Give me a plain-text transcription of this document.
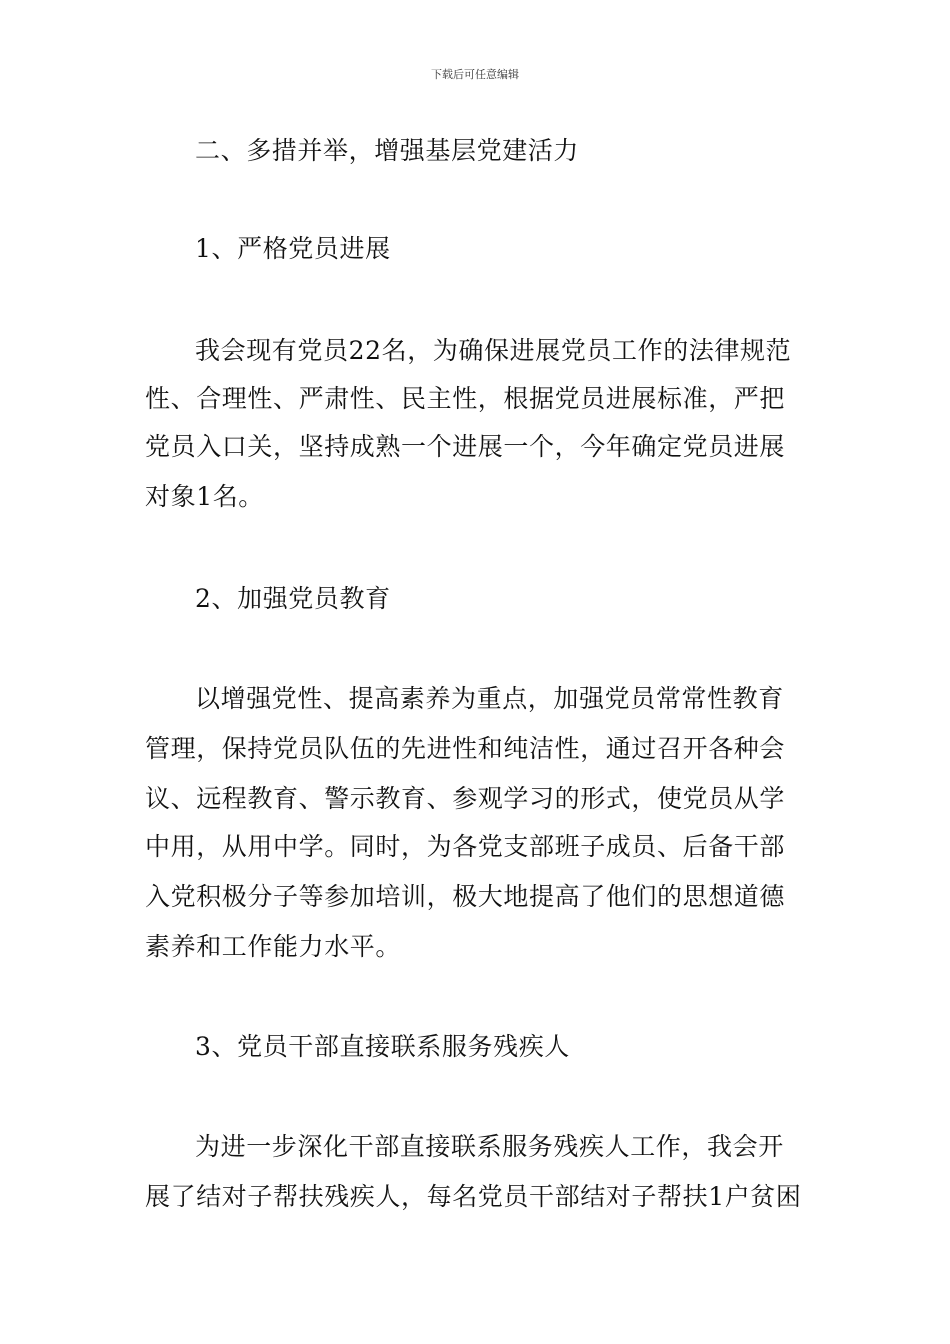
下载后可任意编辑
二、多措并举，增强基层党建活力
1、严格党员进展
我会现有党员22名，为确保进展党员工作的法律规范
性、合理性、严肃性、民主性，根据党员进展标准，严把
党员入口关，坚持成熟一个进展一个，今年确定党员进展
对象1名。
2、加强党员教育
以增强党性、提高素养为重点，加强党员常常性教育
管理，保持党员队伍的先进性和纯洁性，通过召开各种会
议、远程教育、警示教育、参观学习的形式，使党员从学
中用，从用中学。同时，为各党支部班子成员、后备干部
入党积极分子等参加培训，极大地提高了他们的思想道德
素养和工作能力水平。
3、党员干部直接联系服务残疾人
为进一步深化干部直接联系服务残疾人工作，我会开
展了结对子帮扶残疾人，每名党员干部结对子帮扶1户贫困
